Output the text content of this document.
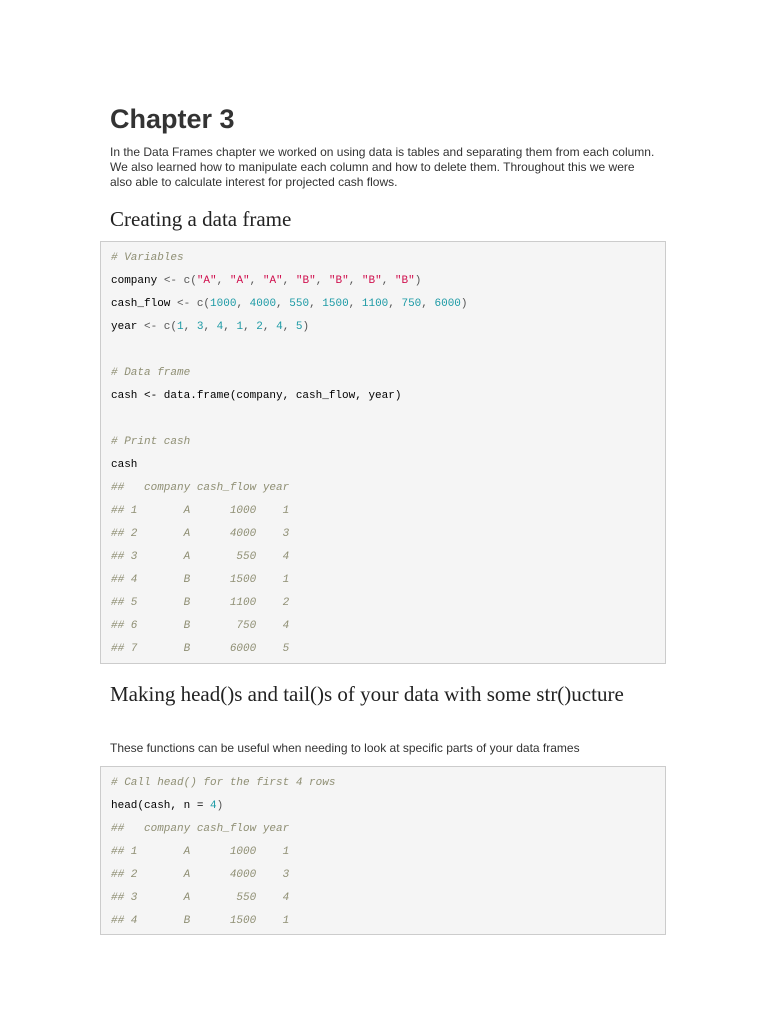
Chapter 3

In the Data Frames chapter we worked on using data is tables and separating them from each column. We also learned how to manipulate each column and how to delete them. Throughout this we were also able to calculate interest for projected cash flows.

Creating a data frame
# Variables
company <- c("A", "A", "A", "B", "B", "B", "B")
cash_flow <- c(1000, 4000, 550, 1500, 1100, 750, 6000)
year <- c(1, 3, 4, 1, 2, 4, 5)
# Data frame
cash <- data.frame(company, cash_flow, year)
# Print cash
cash
##   company cash_flow year
## 1       A      1000    1
## 2       A      4000    3
## 3       A       550    4
## 4       B      1500    1
## 5       B      1100    2
## 6       B       750    4
## 7       B      6000    5
Making head()s and tail()s of your data with some str()ucture

These functions can be useful when needing to look at specific parts of your data frames

# Call head() for the first 4 rows
head(cash, n = 4)
##   company cash_flow year
## 1       A      1000    1
## 2       A      4000    3
## 3       A       550    4
## 4       B      1500    1
